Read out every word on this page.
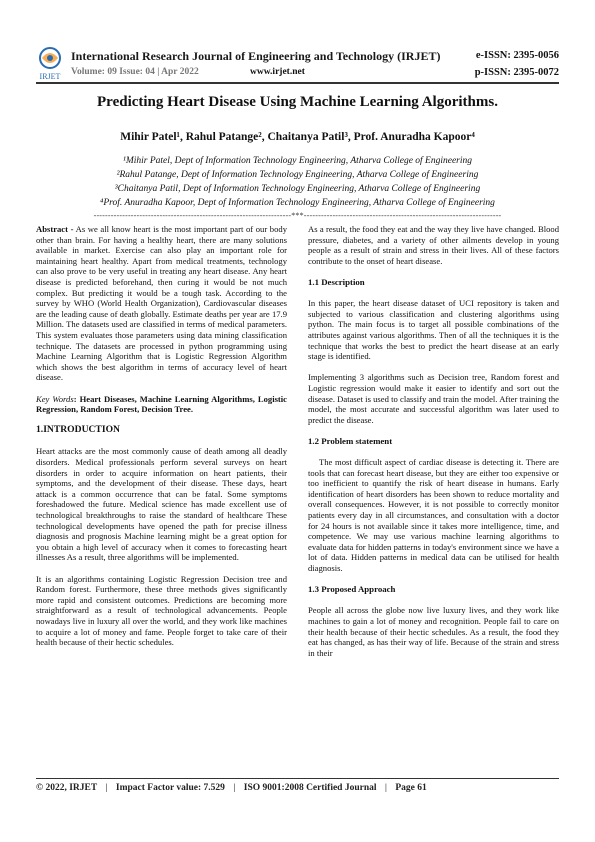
IRJET
International Research Journal of Engineering and Technology (IRJET)	e-ISSN: 2395-0056
Volume: 09 Issue: 04 | Apr 2022	www.irjet.net	p-ISSN: 2395-0072
Predicting Heart Disease Using Machine Learning Algorithms.
Mihir Patel¹, Rahul Patange², Chaitanya Patil³, Prof. Anuradha Kapoor⁴
¹Mihir Patel, Dept of Information Technology Engineering, Atharva College of Engineering
²Rahul Patange, Dept of Information Technology Engineering, Atharva College of Engineering
³Chaitanya Patil, Dept of Information Technology Engineering, Atharva College of Engineering
⁴Prof. Anuradha Kapoor, Dept of Information Technology Engineering, Atharva College of Engineering
---------------------------------------------------------------------***---------------------------------------------------------------------

Abstract - As we all know heart is the most important part of our body other than brain. For having a healthy heart, there are many solutions available in market. Exercise can also play an important role for maintaining heart healthy. Apart from medical treatments, technology can also prove to be very useful in treating any heart disease. Any heart disease is predicted beforehand, then curing it would be not much complex. But predicting it would be a tough task. According to the survey by WHO (World Health Organization), Cardiovascular diseases are the leading cause of death globally. Estimate deaths per year are 17.9 Million. The datasets used are classified in terms of medical parameters. This system evaluates those parameters using data mining classification technique. The datasets are processed in python programming using Machine Learning Algorithm that is Logistic Regression Algorithm which shows the best algorithm in terms of accuracy level of heart disease.

Key Words: Heart Diseases, Machine Learning Algorithms, Logistic Regression, Random Forest, Decision Tree.

1.INTRODUCTION

Heart attacks are the most commonly cause of death among all deadly disorders. Medical professionals perform several surveys on heart disorders in order to acquire information on heart patients, their symptoms, and the development of their disease. These days, heart attack is a common occurrence that can be fatal. Some symptoms foreshadowed the future. Medical science has made excellent use of technological breakthroughs to raise the standard of healthcare These technological developments have opened the path for precise illness diagnosis and prognosis Machine learning might be a great option for you obtain a high level of accuracy when it comes to forecasting heart illnesses As a result, three algorithms will be implemented.

It is an algorithms containing Logistic Regression Decision tree and Random forest. Furthermore, these three methods gives significantly more rapid and consistent outcomes. Predictions are becoming more straightforward as a result of technological advancements. People nowadays live in luxury all over the world, and they work like machines to acquire a lot of money and fame. People forget to take care of their health because of their hectic schedules.

As a result, the food they eat and the way they live have changed. Blood pressure, diabetes, and a variety of other ailments develop in young people as a result of strain and stress in their lives. All of these factors contribute to the onset of heart disease.

1.1 Description

In this paper, the heart disease dataset of UCI repository is taken and subjected to various classification and clustering algorithms using python. The main focus is to target all possible combinations of the attributes against various algorithms. Then of all the techniques it is the technique that works the best to predict the heart disease at an early stage is identified.

Implementing 3 algorithms such as Decision tree, Random forest and Logistic regression would make it easier to identify and sort out the disease. Dataset is used to classify and train the model. After training the model, the most accurate and successful algorithm was later used to predict the disease.

1.2 Problem statement

The most difficult aspect of cardiac disease is detecting it. There are tools that can forecast heart disease, but they are either too expensive or too inefficient to quantify the risk of heart disease in humans. Early identification of heart disorders has been shown to reduce mortality and overall consequences. However, it is not possible to correctly monitor patients every day in all circumstances, and consultation with a doctor for 24 hours is not available since it takes more intelligence, time, and competence. We may use various machine learning algorithms to evaluate data for hidden patterns in today's environment since we have a lot of data. Hidden patterns in medical data can be utilised for health diagnosis.

1.3 Proposed Approach

People all across the globe now live luxury lives, and they work like machines to gain a lot of money and recognition. People fail to care on their health because of their hectic schedules. As a result, the food they eat has changed, as has their way of life. Because of the strain and stress in their

© 2022, IRJET | Impact Factor value: 7.529 | ISO 9001:2008 Certified Journal | Page 61
